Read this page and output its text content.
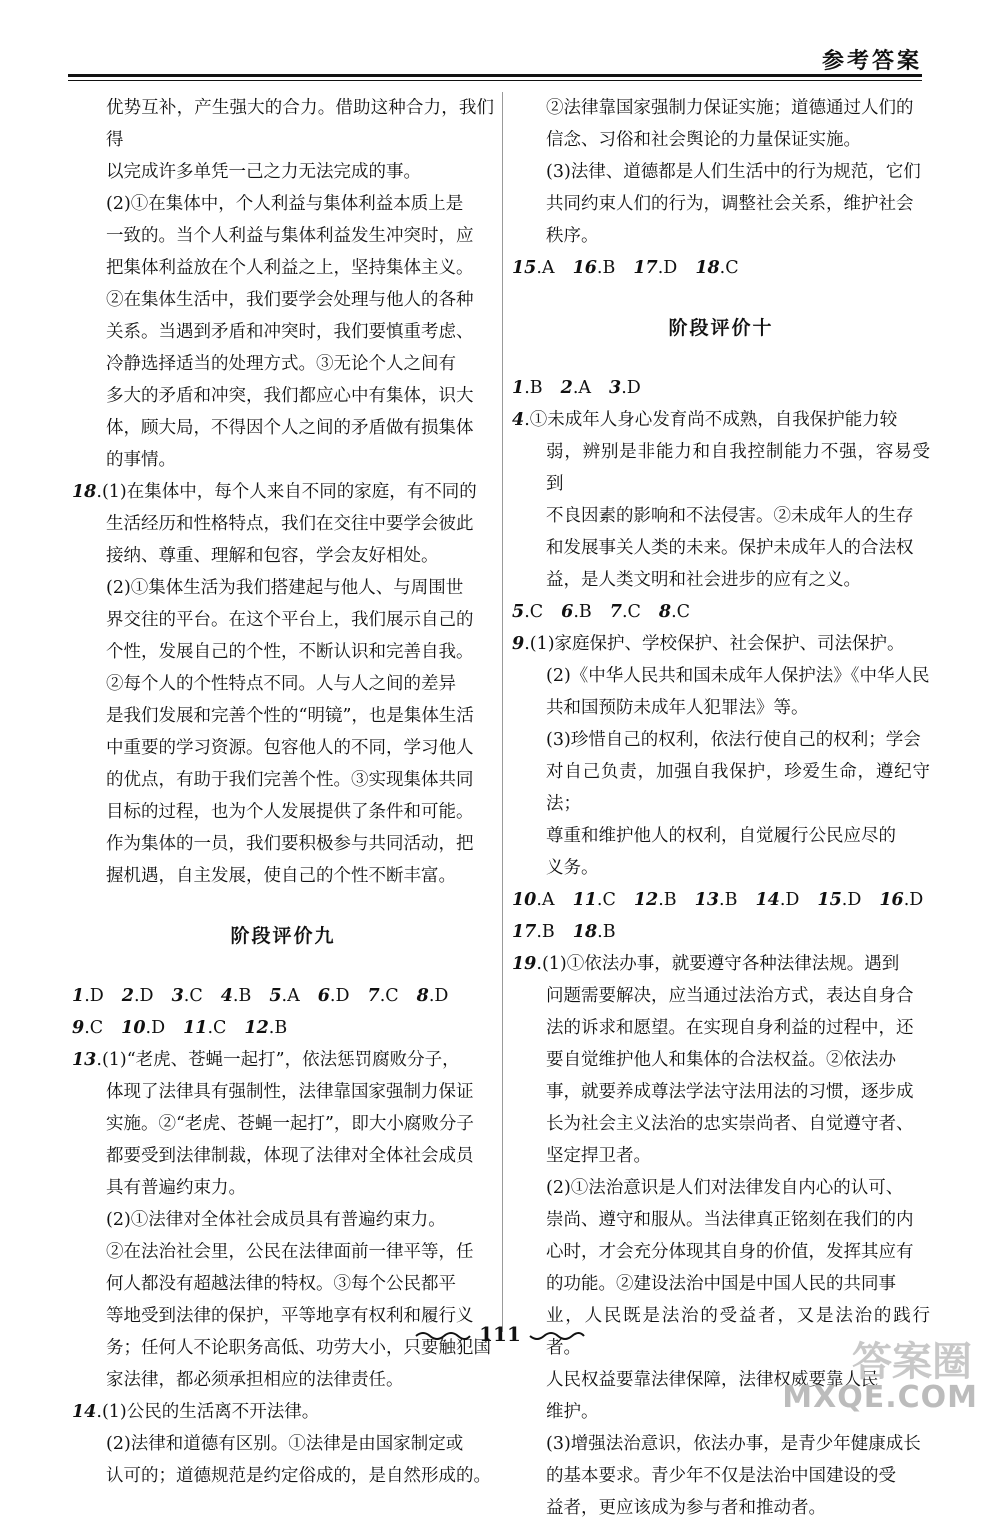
参考答案

优势互补，产生强大的合力。借助这种合力，我们得

以完成许多单凭一己之力无法完成的事。

(2)①在集体中，个人利益与集体利益本质上是

一致的。当个人利益与集体利益发生冲突时，应

把集体利益放在个人利益之上，坚持集体主义。

②在集体生活中，我们要学会处理与他人的各种

关系。当遇到矛盾和冲突时，我们要慎重考虑、

冷静选择适当的处理方式。③无论个人之间有

多大的矛盾和冲突，我们都应心中有集体，识大

体，顾大局，不得因个人之间的矛盾做有损集体

的事情。

18.(1)在集体中，每个人来自不同的家庭，有不同的

生活经历和性格特点，我们在交往中要学会彼此

接纳、尊重、理解和包容，学会友好相处。

(2)①集体生活为我们搭建起与他人、与周围世

界交往的平台。在这个平台上，我们展示自己的

个性，发展自己的个性，不断认识和完善自我。

②每个人的个性特点不同。人与人之间的差异

是我们发展和完善个性的“明镜”，也是集体生活

中重要的学习资源。包容他人的不同，学习他人

的优点，有助于我们完善个性。③实现集体共同

目标的过程，也为个人发展提供了条件和可能。

作为集体的一员，我们要积极参与共同活动，把

握机遇，自主发展，使自己的个性不断丰富。

阶段评价九

1.D 2.D 3.C 4.B 5.A 6.D 7.C 8.D

9.C 10.D 11.C 12.B

13.(1)“老虎、苍蝇一起打”，依法惩罚腐败分子，

体现了法律具有强制性，法律靠国家强制力保证

实施。②“老虎、苍蝇一起打”，即大小腐败分子

都要受到法律制裁，体现了法律对全体社会成员

具有普遍约束力。

(2)①法律对全体社会成员具有普遍约束力。

②在法治社会里，公民在法律面前一律平等，任

何人都没有超越法律的特权。③每个公民都平

等地受到法律的保护，平等地享有权利和履行义

务；任何人不论职务高低、功劳大小，只要触犯国

家法律，都必须承担相应的法律责任。

14.(1)公民的生活离不开法律。

(2)法律和道德有区别。①法律是由国家制定或

认可的；道德规范是约定俗成的，是自然形成的。

②法律靠国家强制力保证实施；道德通过人们的

信念、习俗和社会舆论的力量保证实施。

(3)法律、道德都是人们生活中的行为规范，它们

共同约束人们的行为，调整社会关系，维护社会

秩序。

15.A 16.B 17.D 18.C

阶段评价十

1.B 2.A 3.D

4.①未成年人身心发育尚不成熟，自我保护能力较

弱，辨别是非能力和自我控制能力不强，容易受到

不良因素的影响和不法侵害。②未成年人的生存

和发展事关人类的未来。保护未成年人的合法权

益，是人类文明和社会进步的应有之义。

5.C 6.B 7.C 8.C

9.(1)家庭保护、学校保护、社会保护、司法保护。

(2)《中华人民共和国未成年人保护法》《中华人民

共和国预防未成年人犯罪法》等。

(3)珍惜自己的权利，依法行使自己的权利；学会

对自己负责，加强自我保护，珍爱生命，遵纪守法；

尊重和维护他人的权利，自觉履行公民应尽的

义务。

10.A 11.C 12.B 13.B 14.D 15.D 16.D

17.B 18.B

19.(1)①依法办事，就要遵守各种法律法规。遇到

问题需要解决，应当通过法治方式，表达自身合

法的诉求和愿望。在实现自身利益的过程中，还

要自觉维护他人和集体的合法权益。②依法办

事，就要养成尊法学法守法用法的习惯，逐步成

长为社会主义法治的忠实崇尚者、自觉遵守者、

坚定捍卫者。

(2)①法治意识是人们对法律发自内心的认可、

崇尚、遵守和服从。当法律真正铭刻在我们的内

心时，才会充分体现其自身的价值，发挥其应有

的功能。②建设法治中国是中国人民的共同事

业，人民既是法治的受益者，又是法治的践行者。

人民权益要靠法律保障，法律权威要靠人民

维护。

(3)增强法治意识，依法办事，是青少年健康成长

的基本要求。青少年不仅是法治中国建设的受

益者，更应该成为参与者和推动者。

111
答案圈
MXQE.COM
